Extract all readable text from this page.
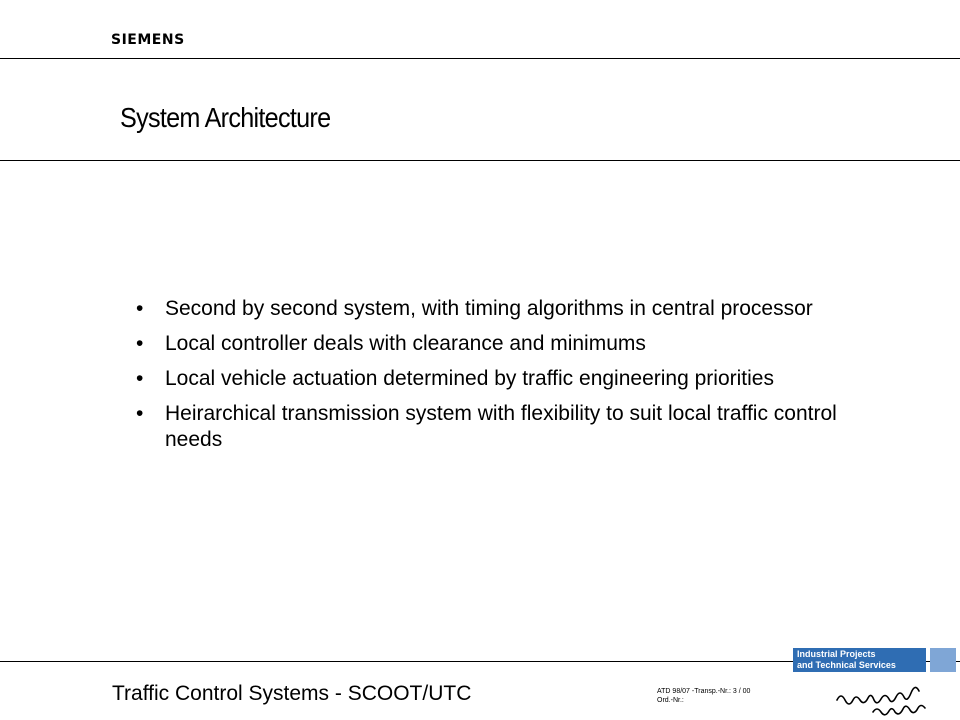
SIEMENS
System Architecture
• Second by second system, with timing algorithms in central processor
• Local controller deals with clearance and minimums
• Local vehicle actuation determined by traffic engineering priorities
• Heirarchical transmission system with flexibility to suit local traffic control needs
Traffic Control Systems - SCOOT/UTC	ATD 98/07 -Transp.-Nr.: 3 / 00
Ord.-Nr.:
Industrial Projects
and Technical Services
